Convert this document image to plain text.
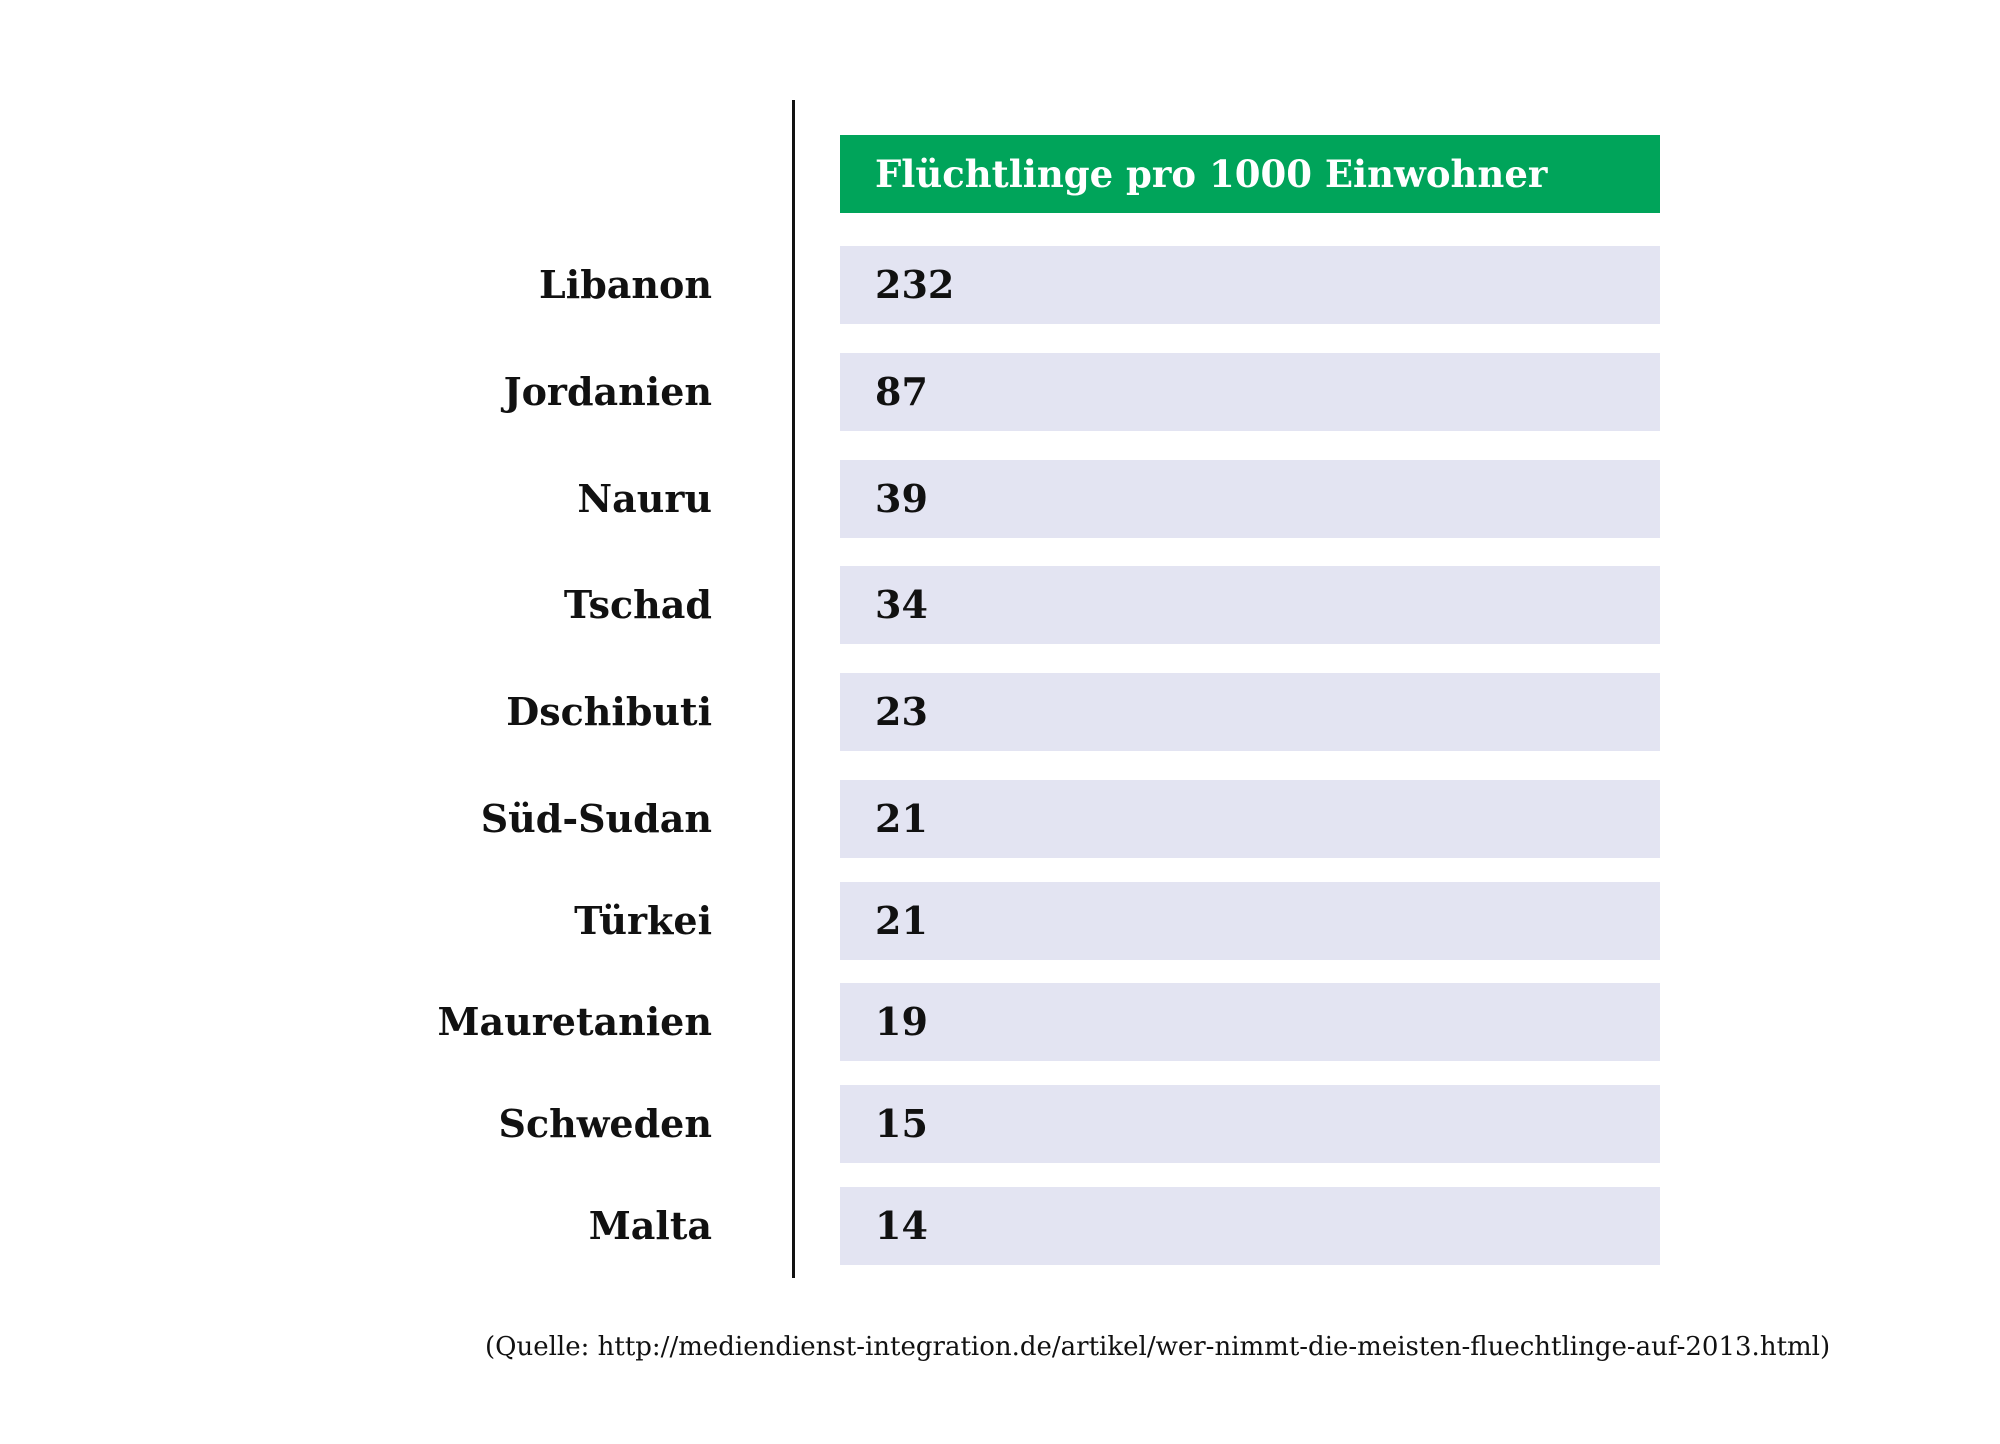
Flüchtlinge pro 1000 Einwohner
Libanon	232
Jordanien	87
Nauru	39
Tschad	34
Dschibuti	23
Süd-Sudan	21
Türkei	21
Mauretanien	19
Schweden	15
Malta	14
(Quelle: http://mediendienst-integration.de/artikel/wer-nimmt-die-meisten-fluechtlinge-auf-2013.html)
